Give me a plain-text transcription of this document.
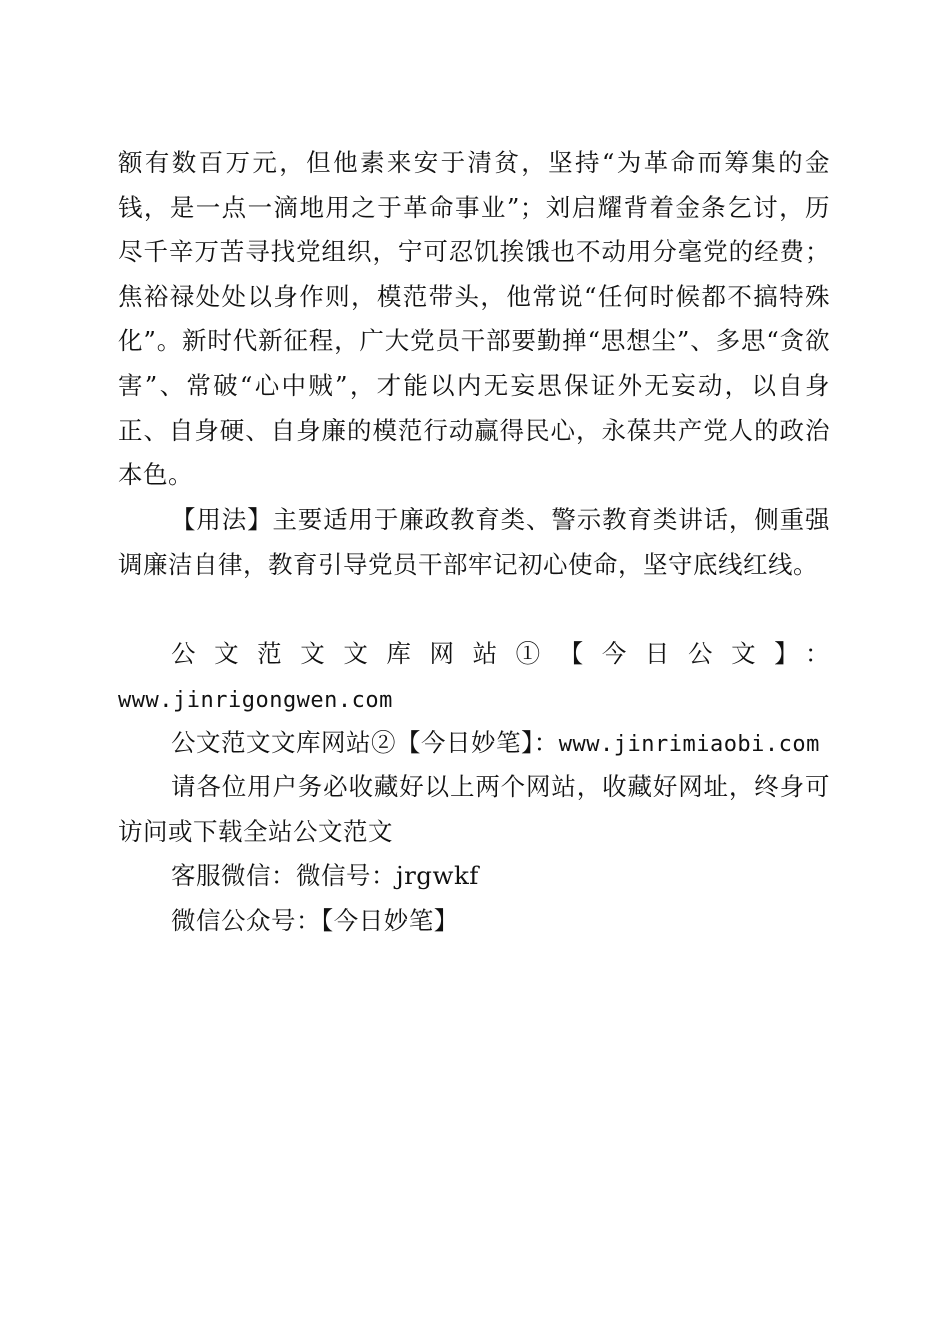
额有数百万元，但他素来安于清贫，坚持“为革命而筹集的金钱，是一点一滴地用之于革命事业”；刘启耀背着金条乞讨，历尽千辛万苦寻找党组织，宁可忍饥挨饿也不动用分毫党的经费；焦裕禄处处以身作则，模范带头，他常说“任何时候都不搞特殊化”。新时代新征程，广大党员干部要勤掸“思想尘”、多思“贪欲害”、常破“心中贼”，才能以内无妄思保证外无妄动，以自身正、自身硬、自身廉的模范行动赢得民心，永葆共产党人的政治本色。

【用法】主要适用于廉政教育类、警示教育类讲话，侧重强调廉洁自律，教育引导党员干部牢记初心使命，坚守底线红线。

公文范文文库网站①【今日公文】：
www.jinrigongwen.com
公文范文文库网站②【今日妙笔】：www.jinrimiaobi.com

请各位用户务必收藏好以上两个网站，收藏好网址，终身可访问或下载全站公文范文

客服微信：微信号：jrgwkf

微信公众号：【今日妙笔】
